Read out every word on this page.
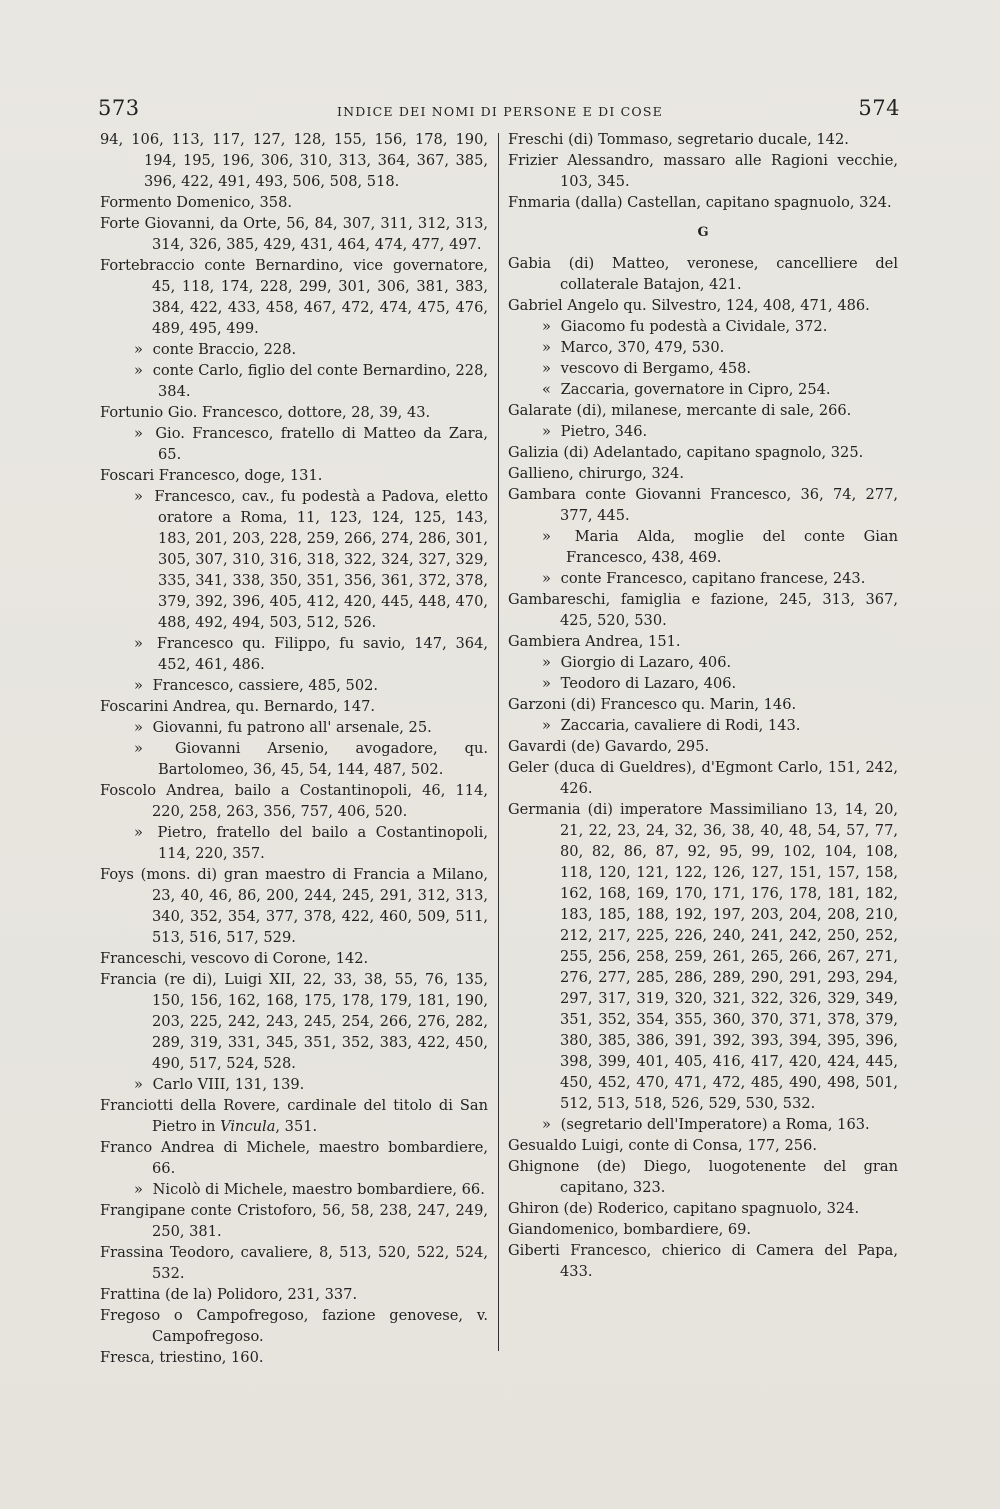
573	INDICE DEI NOMI DI PERSONE E DI COSE	574
94, 106, 113, 117, 127, 128, 155, 156, 178, 190, 194, 195, 196, 306, 310, 313, 364, 367, 385, 396, 422, 491, 493, 506, 508, 518.
Formento Domenico, 358.
Forte Giovanni, da Orte, 56, 84, 307, 311, 312, 313, 314, 326, 385, 429, 431, 464, 474, 477, 497.
Fortebraccio conte Bernardino, vice governatore, 45, 118, 174, 228, 299, 301, 306, 381, 383, 384, 422, 433, 458, 467, 472, 474, 475, 476, 489, 495, 499.
» conte Braccio, 228.
» conte Carlo, figlio del conte Bernardino, 228, 384.
Fortunio Gio. Francesco, dottore, 28, 39, 43.
» Gio. Francesco, fratello di Matteo da Zara, 65.
Foscari Francesco, doge, 131.
» Francesco, cav., fu podestà a Padova, eletto oratore a Roma, 11, 123, 124, 125, 143, 183, 201, 203, 228, 259, 266, 274, 286, 301, 305, 307, 310, 316, 318, 322, 324, 327, 329, 335, 341, 338, 350, 351, 356, 361, 372, 378, 379, 392, 396, 405, 412, 420, 445, 448, 470, 488, 492, 494, 503, 512, 526.
» Francesco qu. Filippo, fu savio, 147, 364, 452, 461, 486.
» Francesco, cassiere, 485, 502.
Foscarini Andrea, qu. Bernardo, 147.
» Giovanni, fu patrono all' arsenale, 25.
» Giovanni Arsenio, avogadore, qu. Bartolomeo, 36, 45, 54, 144, 487, 502.
Foscolo Andrea, bailo a Costantinopoli, 46, 114, 220, 258, 263, 356, 757, 406, 520.
» Pietro, fratello del bailo a Costantinopoli, 114, 220, 357.
Foys (mons. di) gran maestro di Francia a Milano, 23, 40, 46, 86, 200, 244, 245, 291, 312, 313, 340, 352, 354, 377, 378, 422, 460, 509, 511, 513, 516, 517, 529.
Franceschi, vescovo di Corone, 142.
Francia (re di), Luigi XII, 22, 33, 38, 55, 76, 135, 150, 156, 162, 168, 175, 178, 179, 181, 190, 203, 225, 242, 243, 245, 254, 266, 276, 282, 289, 319, 331, 345, 351, 352, 383, 422, 450, 490, 517, 524, 528.
» Carlo VIII, 131, 139.
Franciotti della Rovere, cardinale del titolo di San Pietro in Vincula, 351.
Franco Andrea di Michele, maestro bombardiere, 66.
» Nicolò di Michele, maestro bombardiere, 66.
Frangipane conte Cristoforo, 56, 58, 238, 247, 249, 250, 381.
Frassina Teodoro, cavaliere, 8, 513, 520, 522, 524, 532.
Frattina (de la) Polidoro, 231, 337.
Fregoso o Campofregoso, fazione genovese, v. Campofregoso.
Fresca, triestino, 160.
Freschi (di) Tommaso, segretario ducale, 142.
Frizier Alessandro, massaro alle Ragioni vecchie, 103, 345.
Fnmaria (dalla) Castellan, capitano spagnuolo, 324.
G
Gabia (di) Matteo, veronese, cancelliere del collaterale Batajon, 421.
Gabriel Angelo qu. Silvestro, 124, 408, 471, 486.
» Giacomo fu podestà a Cividale, 372.
» Marco, 370, 479, 530.
» vescovo di Bergamo, 458.
« Zaccaria, governatore in Cipro, 254.
Galarate (di), milanese, mercante di sale, 266.
» Pietro, 346.
Galizia (di) Adelantado, capitano spagnolo, 325.
Gallieno, chirurgo, 324.
Gambara conte Giovanni Francesco, 36, 74, 277, 377, 445.
» Maria Alda, moglie del conte Gian Francesco, 438, 469.
» conte Francesco, capitano francese, 243.
Gambareschi, famiglia e fazione, 245, 313, 367, 425, 520, 530.
Gambiera Andrea, 151.
» Giorgio di Lazaro, 406.
» Teodoro di Lazaro, 406.
Garzoni (di) Francesco qu. Marin, 146.
» Zaccaria, cavaliere di Rodi, 143.
Gavardi (de) Gavardo, 295.
Geler (duca di Gueldres), d'Egmont Carlo, 151, 242, 426.
Germania (di) imperatore Massimiliano 13, 14, 20, 21, 22, 23, 24, 32, 36, 38, 40, 48, 54, 57, 77, 80, 82, 86, 87, 92, 95, 99, 102, 104, 108, 118, 120, 121, 122, 126, 127, 151, 157, 158, 162, 168, 169, 170, 171, 176, 178, 181, 182, 183, 185, 188, 192, 197, 203, 204, 208, 210, 212, 217, 225, 226, 240, 241, 242, 250, 252, 255, 256, 258, 259, 261, 265, 266, 267, 271, 276, 277, 285, 286, 289, 290, 291, 293, 294, 297, 317, 319, 320, 321, 322, 326, 329, 349, 351, 352, 354, 355, 360, 370, 371, 378, 379, 380, 385, 386, 391, 392, 393, 394, 395, 396, 398, 399, 401, 405, 416, 417, 420, 424, 445, 450, 452, 470, 471, 472, 485, 490, 498, 501, 512, 513, 518, 526, 529, 530, 532.
» (segretario dell'Imperatore) a Roma, 163.
Gesualdo Luigi, conte di Consa, 177, 256.
Ghignone (de) Diego, luogotenente del gran capitano, 323.
Ghiron (de) Roderico, capitano spagnuolo, 324.
Giandomenico, bombardiere, 69.
Giberti Francesco, chierico di Camera del Papa, 433.
